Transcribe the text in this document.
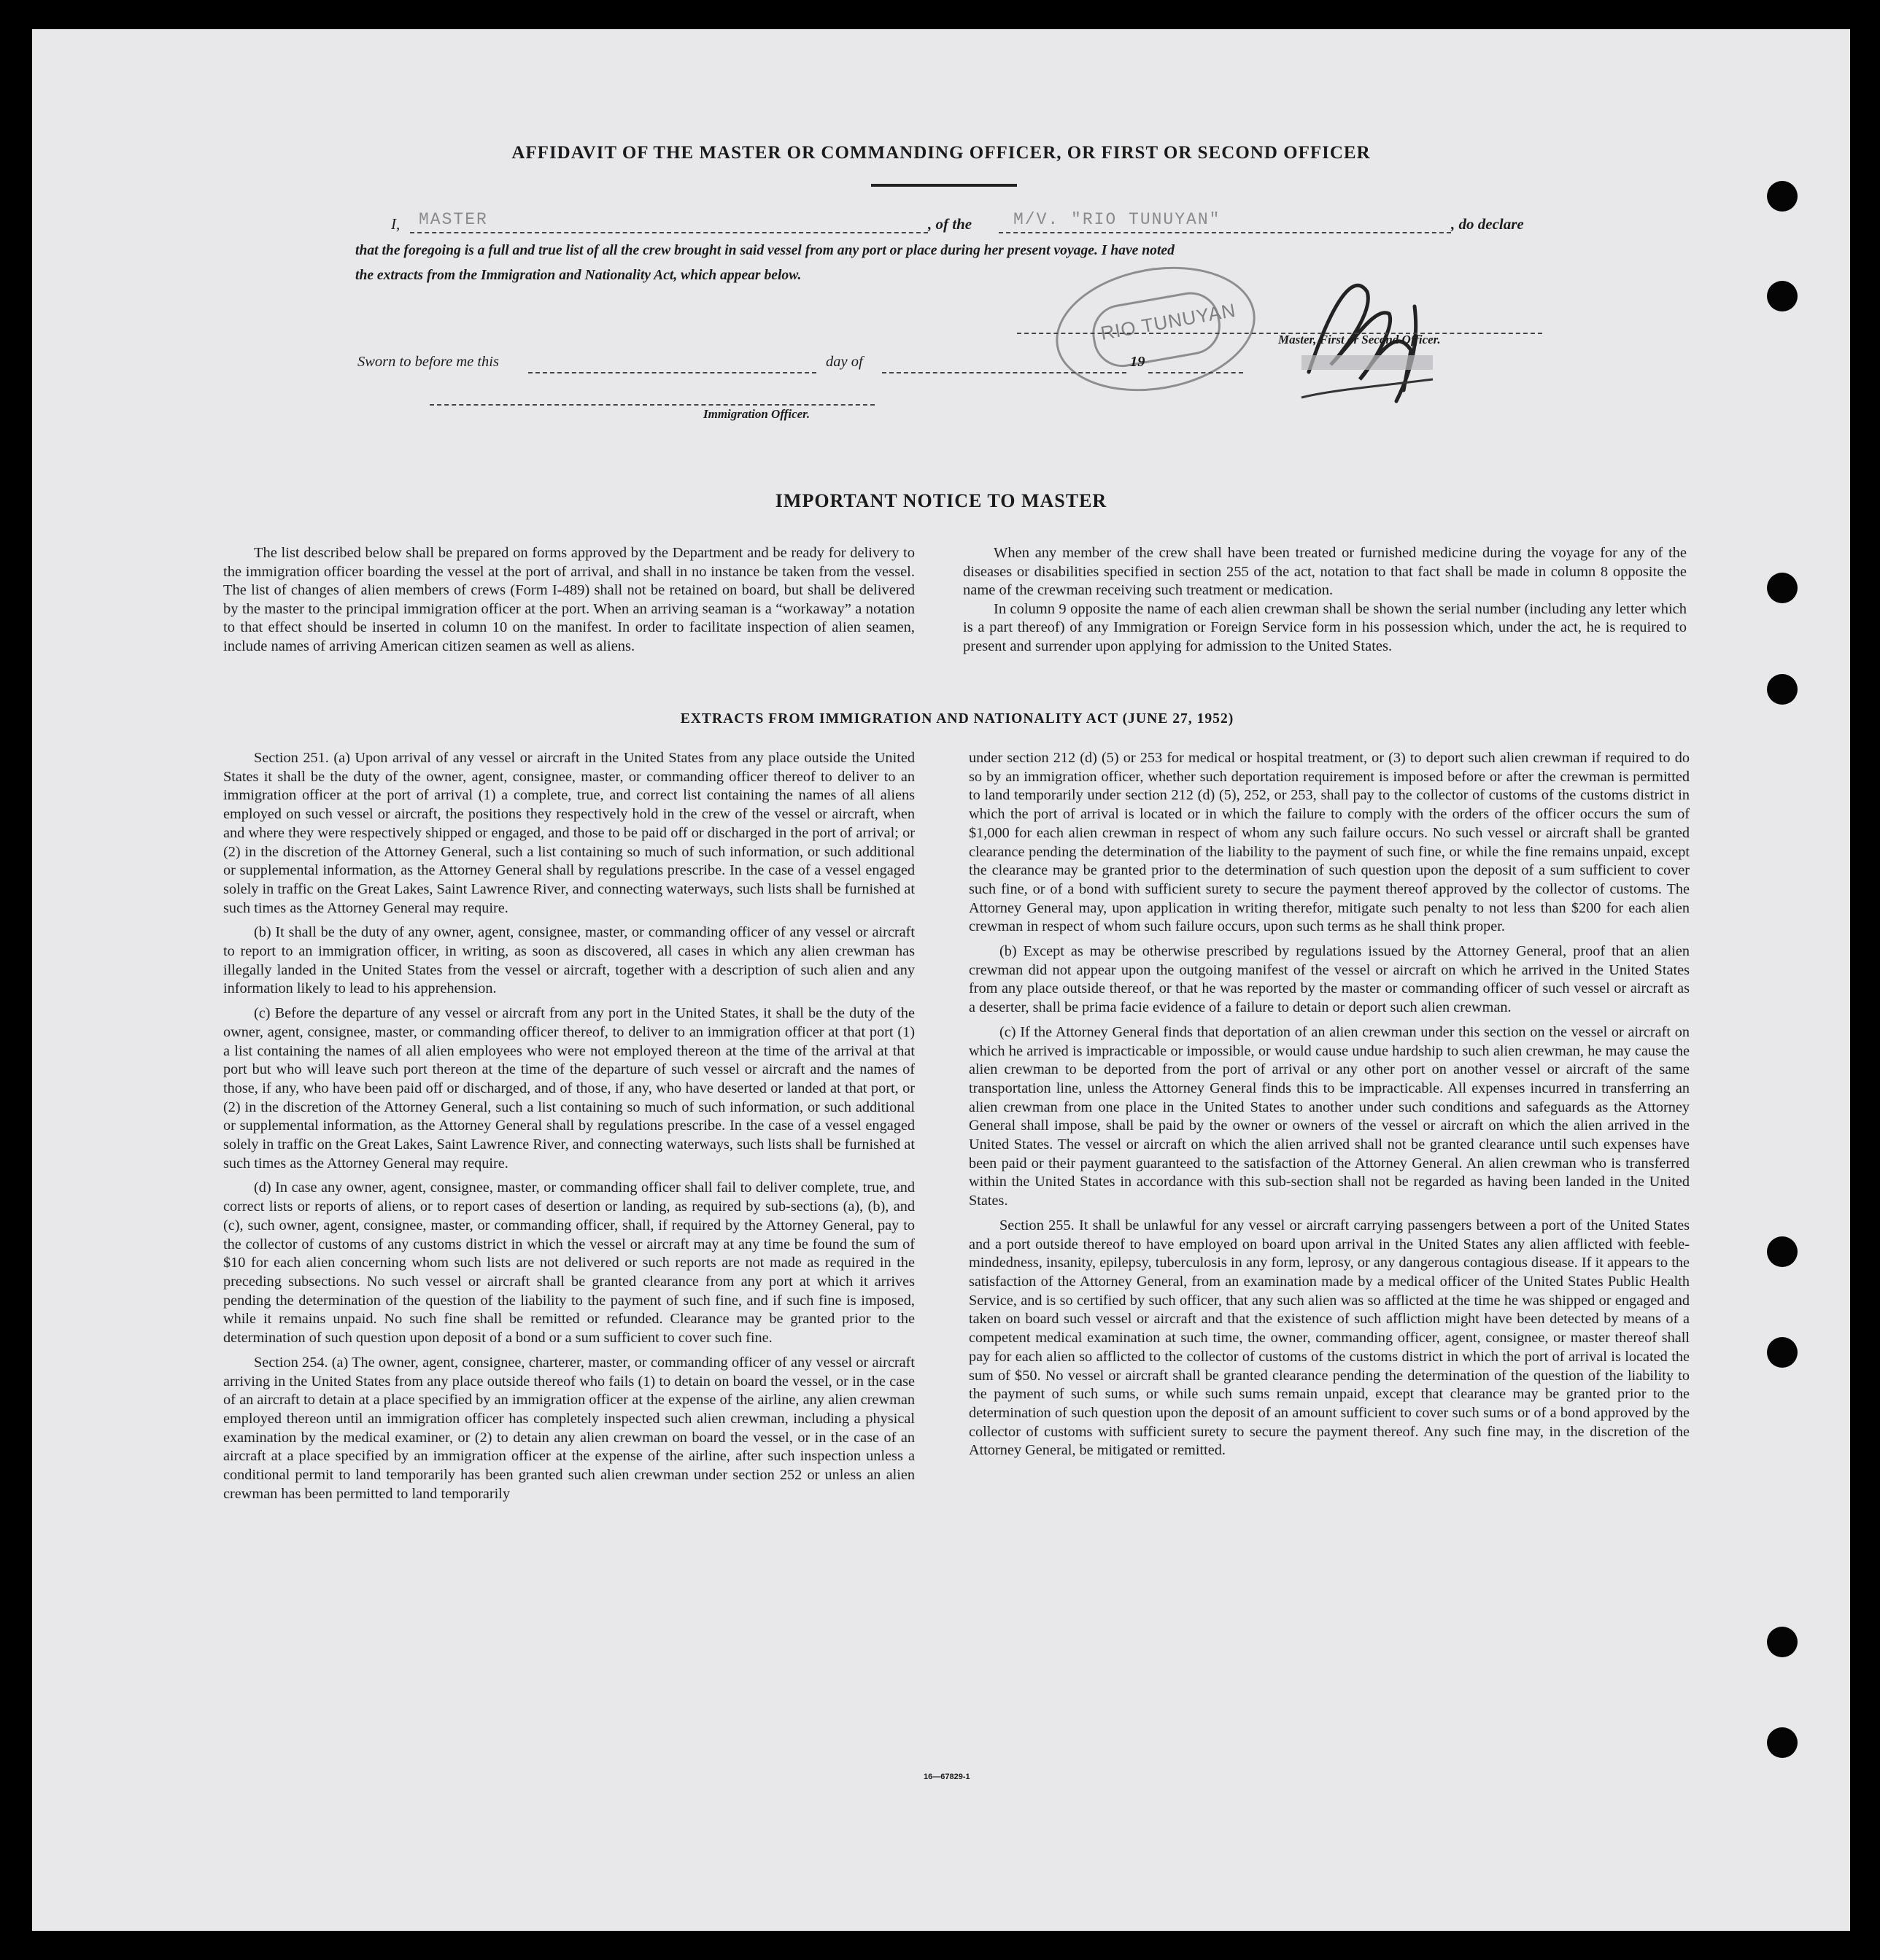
AFFIDAVIT OF THE MASTER OR COMMANDING OFFICER, OR FIRST OR SECOND OFFICER
I, MASTER	, of the M/V. "RIO TUNUYAN"	, do declare
that the foregoing is a full and true list of all the crew brought in said vessel from any port or place during her present voyage. I have noted
the extracts from the Immigration and Nationality Act, which appear below.
RIO TUNUYAN	Master, First or Second Officer.
Sworn to before me this	day of	19
Immigration Officer.
IMPORTANT NOTICE TO MASTER

The list described below shall be prepared on forms approved by the Department and be ready for delivery to the immigration officer boarding the vessel at the port of arrival, and shall in no instance be taken from the vessel. The list of changes of alien members of crews (Form I-489) shall not be retained on board, but shall be delivered by the master to the principal immigration officer at the port. When an arriving seaman is a “workaway” a notation to that effect should be inserted in column 10 on the manifest. In order to facilitate inspection of alien seamen, include names of arriving American citizen seamen as well as aliens.

When any member of the crew shall have been treated or furnished medicine during the voyage for any of the diseases or disabilities specified in section 255 of the act, notation to that fact shall be made in column 8 opposite the name of the crewman receiving such treatment or medication.

In column 9 opposite the name of each alien crewman shall be shown the serial number (including any letter which is a part thereof) of any Immigration or Foreign Service form in his possession which, under the act, he is required to present and surrender upon applying for admission to the United States.

EXTRACTS FROM IMMIGRATION AND NATIONALITY ACT (JUNE 27, 1952)

Section 251. (a) Upon arrival of any vessel or aircraft in the United States from any place outside the United States it shall be the duty of the owner, agent, consignee, master, or commanding officer thereof to deliver to an immigration officer at the port of arrival (1) a complete, true, and correct list containing the names of all aliens employed on such vessel or aircraft, the positions they respectively hold in the crew of the vessel or aircraft, when and where they were respectively shipped or engaged, and those to be paid off or discharged in the port of arrival; or (2) in the discretion of the Attorney General, such a list containing so much of such information, or such additional or supplemental information, as the Attorney General shall by regulations prescribe. In the case of a vessel engaged solely in traffic on the Great Lakes, Saint Lawrence River, and connecting waterways, such lists shall be furnished at such times as the Attorney General may require.

(b) It shall be the duty of any owner, agent, consignee, master, or commanding officer of any vessel or aircraft to report to an immigration officer, in writing, as soon as discovered, all cases in which any alien crewman has illegally landed in the United States from the vessel or aircraft, together with a description of such alien and any information likely to lead to his apprehension.

(c) Before the departure of any vessel or aircraft from any port in the United States, it shall be the duty of the owner, agent, consignee, master, or commanding officer thereof, to deliver to an immigration officer at that port (1) a list containing the names of all alien employees who were not employed thereon at the time of the arrival at that port but who will leave such port thereon at the time of the departure of such vessel or aircraft and the names of those, if any, who have been paid off or discharged, and of those, if any, who have deserted or landed at that port, or (2) in the discretion of the Attorney General, such a list containing so much of such information, or such additional or supplemental information, as the Attorney General shall by regulations prescribe. In the case of a vessel engaged solely in traffic on the Great Lakes, Saint Lawrence River, and connecting waterways, such lists shall be furnished at such times as the Attorney General may require.

(d) In case any owner, agent, consignee, master, or commanding officer shall fail to deliver complete, true, and correct lists or reports of aliens, or to report cases of desertion or landing, as required by sub-sections (a), (b), and (c), such owner, agent, consignee, master, or commanding officer, shall, if required by the Attorney General, pay to the collector of customs of any customs district in which the vessel or aircraft may at any time be found the sum of $10 for each alien concerning whom such lists are not delivered or such reports are not made as required in the preceding subsections. No such vessel or aircraft shall be granted clearance from any port at which it arrives pending the determination of the question of the liability to the payment of such fine, and if such fine is imposed, while it remains unpaid. No such fine shall be remitted or refunded. Clearance may be granted prior to the determination of such question upon deposit of a bond or a sum sufficient to cover such fine.

Section 254. (a) The owner, agent, consignee, charterer, master, or commanding officer of any vessel or aircraft arriving in the United States from any place outside thereof who fails (1) to detain on board the vessel, or in the case of an aircraft to detain at a place specified by an immigration officer at the expense of the airline, any alien crewman employed thereon until an immigration officer has completely inspected such alien crewman, including a physical examination by the medical examiner, or (2) to detain any alien crewman on board the vessel, or in the case of an aircraft at a place specified by an immigration officer at the expense of the airline, after such inspection unless a conditional permit to land temporarily has been granted such alien crewman under section 252 or unless an alien crewman has been permitted to land temporarily

under section 212 (d) (5) or 253 for medical or hospital treatment, or (3) to deport such alien crewman if required to do so by an immigration officer, whether such deportation requirement is imposed before or after the crewman is permitted to land temporarily under section 212 (d) (5), 252, or 253, shall pay to the collector of customs of the customs district in which the port of arrival is located or in which the failure to comply with the orders of the officer occurs the sum of $1,000 for each alien crewman in respect of whom any such failure occurs. No such vessel or aircraft shall be granted clearance pending the determination of the liability to the payment of such fine, or while the fine remains unpaid, except the clearance may be granted prior to the determination of such question upon the deposit of a sum sufficient to cover such fine, or of a bond with sufficient surety to secure the payment thereof approved by the collector of customs. The Attorney General may, upon application in writing therefor, mitigate such penalty to not less than $200 for each alien crewman in respect of whom such failure occurs, upon such terms as he shall think proper.

(b) Except as may be otherwise prescribed by regulations issued by the Attorney General, proof that an alien crewman did not appear upon the outgoing manifest of the vessel or aircraft on which he arrived in the United States from any place outside thereof, or that he was reported by the master or commanding officer of such vessel or aircraft as a deserter, shall be prima facie evidence of a failure to detain or deport such alien crewman.

(c) If the Attorney General finds that deportation of an alien crewman under this section on the vessel or aircraft on which he arrived is impracticable or impossible, or would cause undue hardship to such alien crewman, he may cause the alien crewman to be deported from the port of arrival or any other port on another vessel or aircraft of the same transportation line, unless the Attorney General finds this to be impracticable. All expenses incurred in transferring an alien crewman from one place in the United States to another under such conditions and safeguards as the Attorney General shall impose, shall be paid by the owner or owners of the vessel or aircraft on which the alien arrived in the United States. The vessel or aircraft on which the alien arrived shall not be granted clearance until such expenses have been paid or their payment guaranteed to the satisfaction of the Attorney General. An alien crewman who is transferred within the United States in accordance with this sub-section shall not be regarded as having been landed in the United States.

Section 255. It shall be unlawful for any vessel or aircraft carrying passengers between a port of the United States and a port outside thereof to have employed on board upon arrival in the United States any alien afflicted with feeble-mindedness, insanity, epilepsy, tuberculosis in any form, leprosy, or any dangerous contagious disease. If it appears to the satisfaction of the Attorney General, from an examination made by a medical officer of the United States Public Health Service, and is so certified by such officer, that any such alien was so afflicted at the time he was shipped or engaged and taken on board such vessel or aircraft and that the existence of such affliction might have been detected by means of a competent medical examination at such time, the owner, commanding officer, agent, consignee, or master thereof shall pay for each alien so afflicted to the collector of customs of the customs district in which the port of arrival is located the sum of $50. No vessel or aircraft shall be granted clearance pending the determination of the question of the liability to the payment of such sums, or while such sums remain unpaid, except that clearance may be granted prior to the determination of such question upon the deposit of an amount sufficient to cover such sums or of a bond approved by the collector of customs with sufficient surety to secure the payment thereof. Any such fine may, in the discretion of the Attorney General, be mitigated or remitted.

16—67829-1
